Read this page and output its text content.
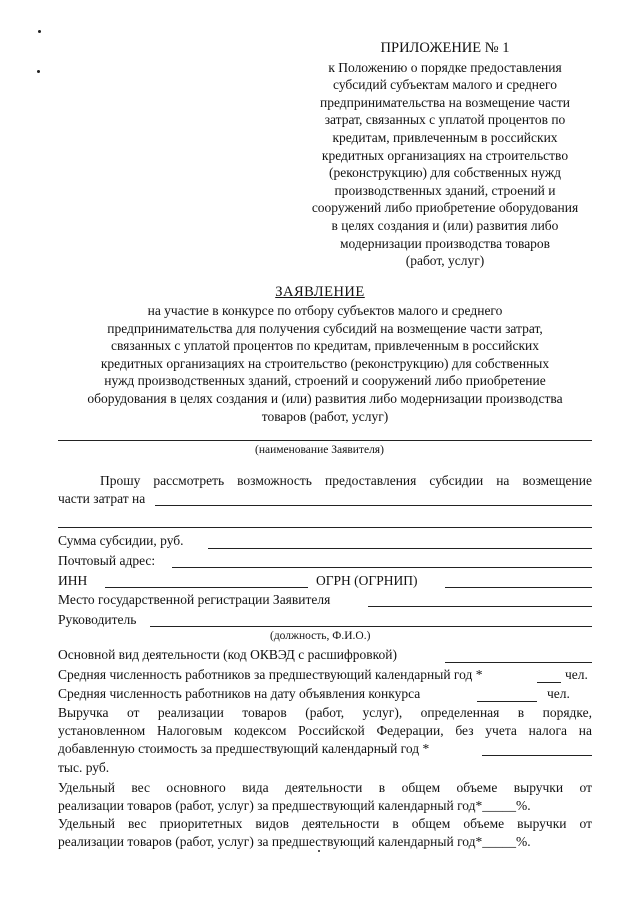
ПРИЛОЖЕНИЕ № 1
к Положению о порядке предоставления
субсидий субъектам малого и среднего
предпринимательства на возмещение части
затрат, связанных с уплатой процентов по
кредитам, привлеченным в российских
кредитных организациях на строительство
(реконструкцию) для собственных нужд
производственных зданий, строений и
сооружений либо приобретение оборудования
в целях создания и (или) развития либо
модернизации производства товаров
(работ, услуг)
ЗАЯВЛЕНИЕ
на участие в конкурсе по отбору субъектов малого и среднего
предпринимательства для получения субсидий на возмещение части затрат,
связанных с уплатой процентов по кредитам, привлеченным в российских
кредитных организациях на строительство (реконструкцию) для собственных
нужд производственных зданий, строений и сооружений либо приобретение
оборудования в целях создания и (или) развития либо модернизации производства
товаров (работ, услуг)
(наименование Заявителя)
Прошу рассмотреть возможность предоставления субсидии на возмещение
части затрат на
Сумма субсидии, руб.
Почтовый адрес:
ИНН	ОГРН (ОГРНИП)
Место государственной регистрации Заявителя
Руководитель
(должность, Ф.И.О.)
Основной вид деятельности (код ОКВЭД с расшифровкой)
Средняя численность работников за предшествующий календарный год *	чел.
Средняя численность работников на дату объявления конкурса	чел.
Выручка от реализации товаров (работ, услуг), определенная в порядке,
установленном Налоговым кодексом Российской Федерации, без учета налога на
добавленную стоимость за предшествующий календарный год *
тыс. руб.
Удельный вес основного вида деятельности в общем объеме выручки от
реализации товаров (работ, услуг) за предшествующий календарный год*_____%.
Удельный вес приоритетных видов деятельности в общем объеме выручки от
реализации товаров (работ, услуг) за предшествующий календарный год*_____%.
